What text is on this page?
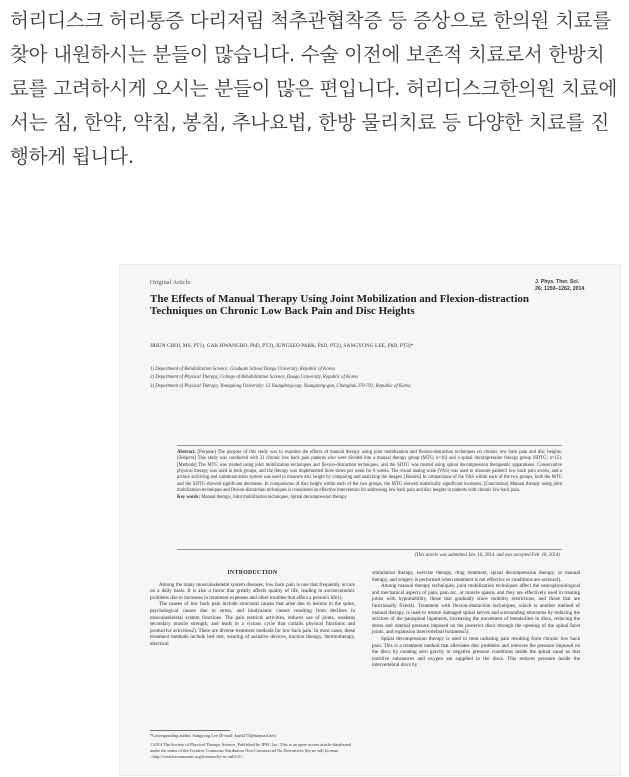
허리디스크 허리통증 다리저림 척추관협착증 등 증상으로 한의원 치료를 찾아 내원하시는 분들이 많습니다. 수술 이전에 보존적 치료로서 한방치료를 고려하시게 오시는 분들이 많은 편입니다. 허리디스크한의원 치료에서는 침, 한약, 약침, 봉침, 추나요법, 한방 물리치료 등 다양한 치료를 진행하게 됩니다.

Original Article	J. Phys. Ther. Sci.
26: 1259–1262, 2014
The Effects of Manual Therapy Using Joint Mobilization and Flexion-distraction Techniques on Chronic Low Back Pain and Disc Heights
JIHUN CHOI, MS, PT1), GAK HWANGBO, PhD, PT2), JUNGSEO PARK, PhD, PT2), SANGYONG LEE, PhD, PT3)*
1) Department of Rehabilitation Science, Graduate School Daegu University, Republic of Korea
2) Department of Physical Therapy, College of Rehabilitation Science, Daegu University, Republic of Korea
3) Department of Physical Therapy, Youngdong University: 12 Youngdong-eup, Youngdong-gun, Chungbuk 370-701, Republic of Korea
Abstract. [Purpose] The purpose of this study was to examine the effects of manual therapy using joint mobilization and flexion-distraction techniques on chronic low back pain and disc heights. [Subjects] This study was conducted with 31 chronic low back pain patients who were divided into a manual therapy group (MTG; n=16) and a spinal decompression therapy group (SDTG; n=15). [Methods] The MTG was treated using joint mobilization techniques and flexion-distraction techniques, and the SDTG was treated using spinal decompression therapeutic apparatuses. Conservative physical therapy was used in both groups, and the therapy was implemented three times per week for 6 weeks. The visual analog scale (VAS) was used to measure patient's low back pain scores, and a picture archiving and communication system was used to measure disc height by comparing and analyzing the images. [Results] In comparisons of the VAS within each of the two groups, both the MTG and the SDTG showed significant decreases. In comparisons of disc height within each of the two groups, the MTG showed statistically significant increases. [Conclusion] Manual therapy using joint mobilization techniques and flexion-distraction techniques is considered an effective intervention for addressing low back pain and disc heights in patients with chronic low back pain.
Key words: Manual therapy, Joint mobilization techniques, Spinal decompression therapy
(This article was submitted Jan. 16, 2014, and was accepted Feb. 18, 2014)
INTRODUCTION

Among the many musculoskeletal system diseases, low back pain is one that frequently occurs on a daily basis. It is also a factor that greatly affects quality of life, leading to socioeconomic problems due to increases in treatment expenses and other troubles that affect a person's life1).

The causes of low back pain include structural causes that arise due to lesions in the spine, psychological causes due to stress, and biodynamic causes resulting from declines in musculoskeletal system functions. The pain restricts activities, reduces use of joints, weakens secondary muscle strength, and leads to a vicious cycle that curtails physical functions and productive activities2). There are diverse treatment methods for low back pain. In most cases, these treatment methods include bed rest, wearing of assistive devices, traction therapy, thermotherapy, electrical

*Corresponding author. Sangyong Lee (E-mail: kay6275@hanmail.net)
©2014 The Society of Physical Therapy Science. Published by IPEC Inc. This is an open-access article distributed under the terms of the Creative Commons Attribution Non-Commercial No Derivatives (by-nc-nd) License <http://creativecommons.org/licenses/by-nc-nd/3.0/>.

stimulation therapy, exercise therapy, drug treatment, spinal decompression therapy, or manual therapy, and surgery is performed when treatment is not effective or conditions are serious3).

Among manual therapy techniques, joint mobilization techniques affect the neurophysiological and mechanical aspects of pain, pain arc, or muscle spasm, and they are effectively used in treating joints with hypomobility, those that gradually show mobility restrictions, and those that are functionally fixed4). Treatment with flexion-distraction techniques, which is another method of manual therapy, is used to restore damaged spinal nerves and surrounding structures by reducing the stricture of the paraspinal ligaments, increasing the movement of metabolites in discs, reducing the stress and internal pressure imposed on the posterior discs through the opening of the spinal facet joints, and expansion intervertebral foramens5).

Spinal decompression therapy is used to treat radiating pain resulting from chronic low back pain. This is a treatment method that alleviates disc problems and removes the pressure imposed on the discs by creating zero gravity or negative pressure conditions inside the spinal canal so that nutritive substances and oxygen are supplied to the discs. This reduces pressure inside the intervertebral discs by
